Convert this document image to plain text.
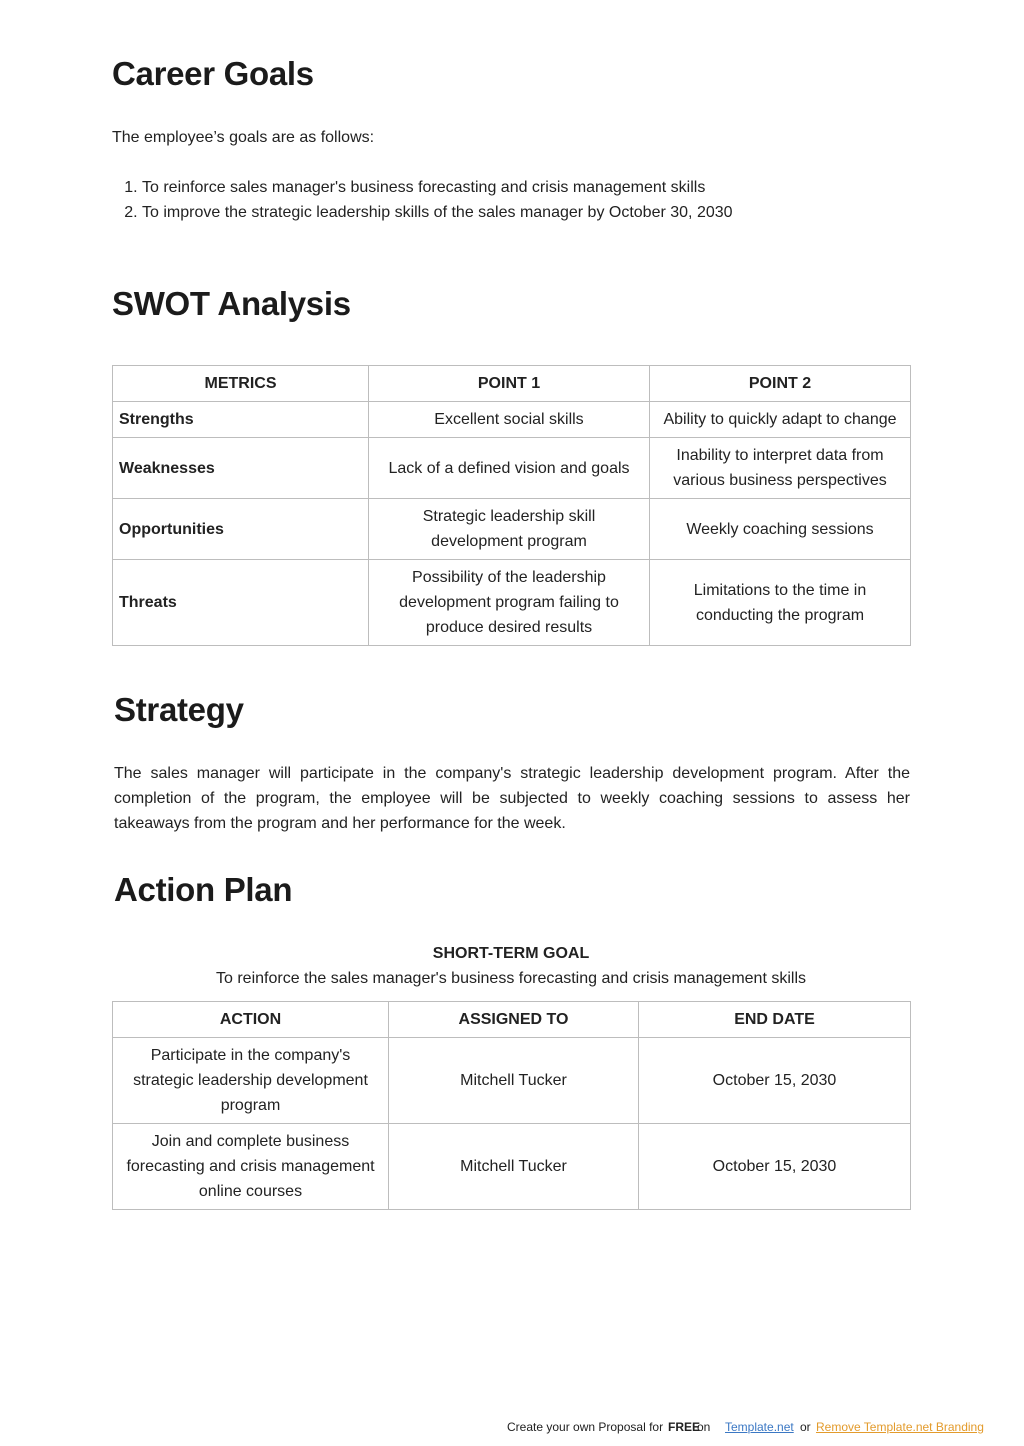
Career Goals

The employee’s goals are as follows:

1. To reinforce sales manager's business forecasting and crisis management skills
2. To improve the strategic leadership skills of the sales manager by October 30, 2030
SWOT Analysis
METRICS	POINT 1	POINT 2
Strengths	Excellent social skills	Ability to quickly adapt to change
Weaknesses	Lack of a defined vision and goals	Inability to interpret data from various business perspectives
Opportunities	Strategic leadership skill development program	Weekly coaching sessions
Threats	Possibility of the leadership development program failing to produce desired results	Limitations to the time in conducting the program
Strategy

The sales manager will participate in the company's strategic leadership development program. After the completion of the program, the employee will be subjected to weekly coaching sessions to assess her takeaways from the program and her performance for the week.

Action Plan

SHORT-TERM GOAL

To reinforce the sales manager's business forecasting and crisis management skills

ACTION	ASSIGNED TO	END DATE
Participate in the company's strategic leadership development program	Mitchell Tucker	October 15, 2030
Join and complete business forecasting and crisis management online courses	Mitchell Tucker	October 15, 2030
Create your own Proposal for FREE
on Template.net or Remove Template.net Branding
